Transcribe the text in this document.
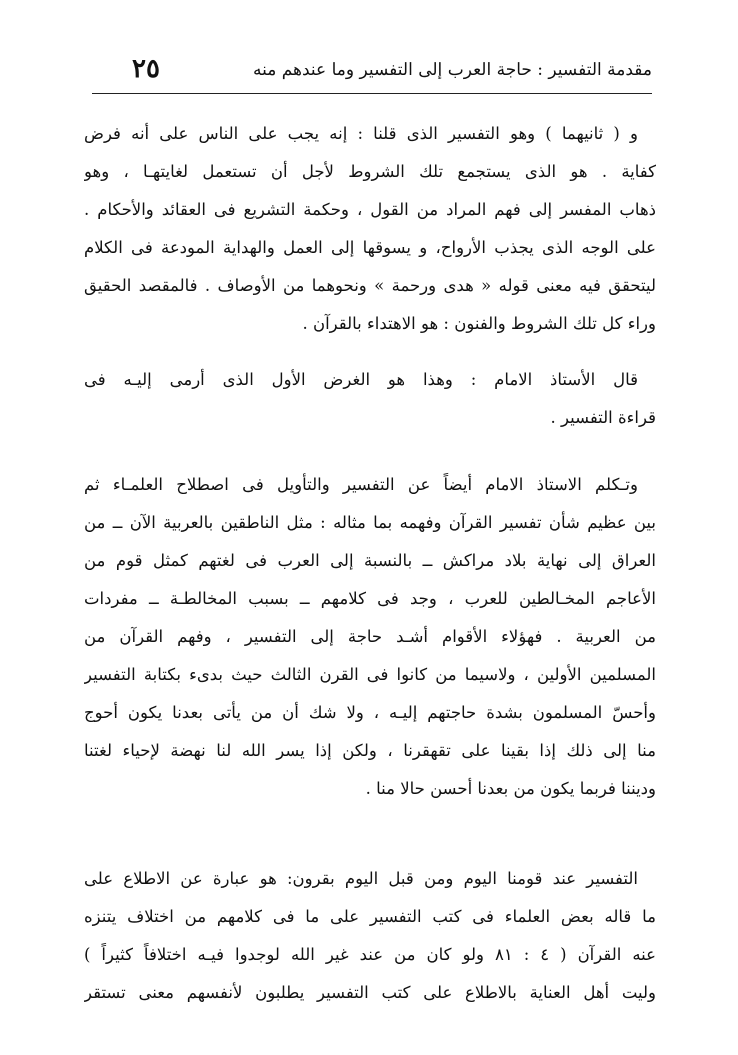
مقدمة التفسير : حاجة العرب إلى التفسير وما عندهم منه
٢٥
و ( ثانيهما ) وهو التفسير الذى قلنا : إنه يجب على الناس على أنه فرض
كفاية . هو الذى يستجمع تلك الشروط لأجل أن تستعمل لغايتهـا ، وهو
ذهاب المفسر إلى فهم المراد من القول ، وحكمة التشريع فى العقائد والأحكام .
على الوجه الذى يجذب الأرواح، و يسوقها إلى العمل والهداية المودعة فى الكلام
ليتحقق فيه معنى قوله « هدى ورحمة » ونحوهما من الأوصاف . فالمقصد الحقيق
وراء كل تلك الشروط والفنون : هو الاهتداء بالقرآن .
قال الأستاذ الامام : وهذا هو الغرض الأول الذى أرمى إليـه فى
قراءة التفسير .
وتـكلم الاستاذ الامام أيضاً عن التفسير والتأويل فى اصطلاح العلمـاء ثم
بين عظيم شأن تفسير القرآن وفهمه بما مثاله : مثل الناطقين بالعربية الآن ــ من
العراق إلى نهاية بلاد مراكش ــ بالنسبة إلى العرب فى لغتهم كمثل قوم من
الأعاجم المخـالطين للعرب ، وجد فى كلامهم ــ بسبب المخالطـة ــ مفردات
من العربية . فهؤلاء الأقوام أشـد حاجة إلى التفسير ، وفهم القرآن من
المسلمين الأولين ، ولاسيما من كانوا فى القرن الثالث حيث بدىء بكتابة التفسير
وأحسّ المسلمون بشدة حاجتهم إليـه ، ولا شك أن من يأتى بعدنا يكون أحوج
منا إلى ذلك إذا بقينا على تقهقرنا ، ولكن إذا يسر الله لنا نهضة لإحياء لغتنا
وديننا فربما يكون من بعدنا أحسن حالا منا .
التفسير عند قومنا اليوم ومن قبل اليوم بقرون: هو عبارة عن الاطلاع على
ما قاله بعض العلماء فى كتب التفسير على ما فى كلامهم من اختلاف يتنزه
عنه القرآن ( ٤ : ٨١ ولو كان من عند غير الله لوجدوا فيـه اختلافاً كثيراً )
وليت أهل العناية بالاطلاع على كتب التفسير يطلبون لأنفسهم معنى تستقر
